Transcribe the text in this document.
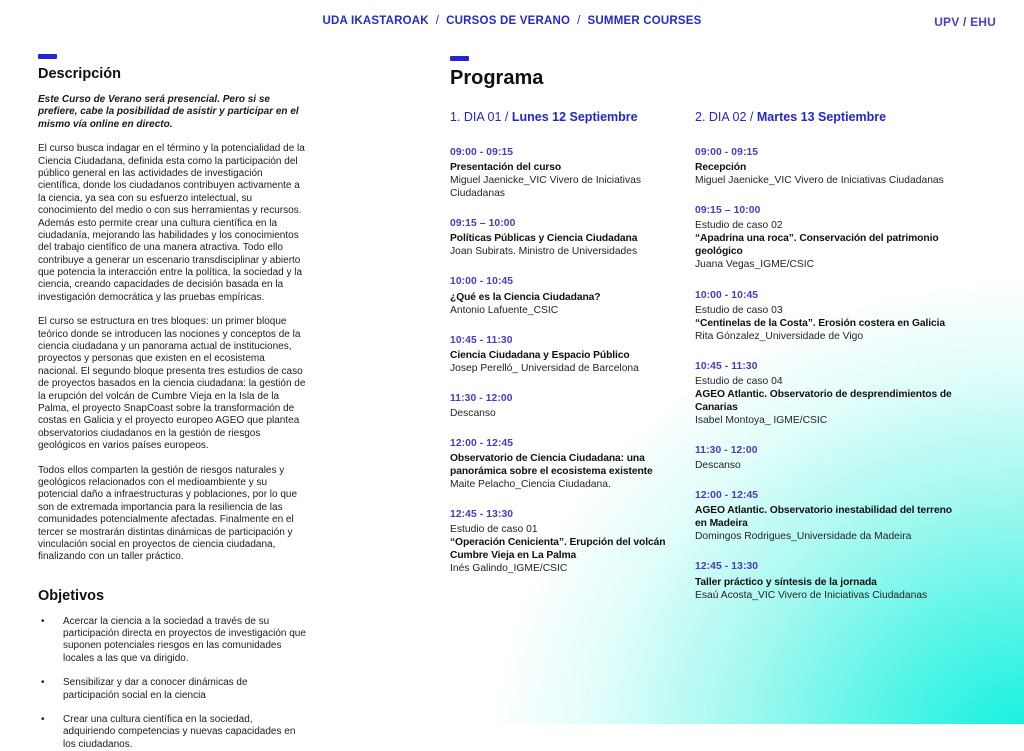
UDA IKASTAROAK / CURSOS DE VERANO / SUMMER COURSES	UPV / EHU
Descripción

Este Curso de Verano será presencial. Pero si se prefiere, cabe la posibilidad de asistir y participar en el mismo vía online en directo.

El curso busca indagar en el término y la potencialidad de la Ciencia Ciudadana, definida esta como la participación del público general en las actividades de investigación científica, donde los ciudadanos contribuyen activamente a la ciencia, ya sea con su esfuerzo intelectual, su conocimiento del medio o con sus herramientas y recursos. Además esto permite crear una cultura científica en la ciudadanía, mejorando las habilidades y los conocimientos del trabajo científico de una manera atractiva. Todo ello contribuye a generar un escenario transdisciplinar y abierto que potencia la interacción entre la política, la sociedad y la ciencia, creando capacidades de decisión basada en la investigación democrática y las pruebas empíricas.

El curso se estructura en tres bloques: un primer bloque teórico donde se introducen las nociones y conceptos de la ciencia ciudadana y un panorama actual de instituciones, proyectos y personas que existen en el ecosistema nacional. El segundo bloque presenta tres estudios de caso de proyectos basados en la ciencia ciudadana: la gestión de la erupción del volcán de Cumbre Vieja en la Isla de la Palma, el proyecto SnapCoast sobre la transformación de costas en Galicia y el proyecto europeo AGEO que plantea observatorios ciudadanos en la gestión de riesgos geológicos en varios países europeos.

Todos ellos comparten la gestión de riesgos naturales y geológicos relacionados con el medioambiente y su potencial daño a infraestructuras y poblaciones, por lo que son de extremada importancia para la resiliencia de las comunidades potencialmente afectadas. Finalmente en el tercer se mostrarán distintas dinámicas de participación y vinculación social en proyectos de ciencia ciudadana, finalizando con un taller práctico.

Objetivos
• Acercar la ciencia a la sociedad a través de su participación directa en proyectos de investigación que suponen potenciales riesgos en las comunidades locales a las que va dirigido.
• Sensibilizar y dar a conocer dinámicas de participación social en la ciencia
• Crear una cultura científica en la sociedad, adquiriendo competencias y nuevas capacidades en los ciudadanos.
Programa
1. DIA 01 / Lunes 12 Septiembre
09:00 - 09:15
Presentación del curso
Miguel Jaenicke_VIC Vivero de Iniciativas Ciudadanas
09:15 – 10:00
Políticas Públicas y Ciencia Ciudadana
Joan Subirats. Ministro de Universidades
10:00 - 10:45
¿Qué es la Ciencia Ciudadana?
Antonio Lafuente_CSIC
10:45 - 11:30
Ciencia Ciudadana y Espacio Público
Josep Perelló_ Universidad de Barcelona
11:30 - 12:00
Descanso
12:00 - 12:45
Observatorio de Ciencia Ciudadana: una panorámica sobre el ecosistema existente
Maite Pelacho_Ciencia Ciudadana.
12:45 - 13:30
Estudio de caso 01
“Operación Cenicienta”. Erupción del volcán Cumbre Vieja en La Palma
Inés Galindo_IGME/CSIC
2. DIA 02 / Martes 13 Septiembre
09:00 - 09:15
Recepción
Miguel Jaenicke_VIC Vivero de Iniciativas Ciudadanas
09:15 – 10:00
Estudio de caso 02
“Apadrina una roca”. Conservación del patrimonio geológico
Juana Vegas_IGME/CSIC
10:00 - 10:45
Estudio de caso 03
“Centinelas de la Costa”. Erosión costera en Galicia
Rita Gónzalez_Universidade de Vigo
10:45 - 11:30
Estudio de caso 04
AGEO Atlantic. Observatorio de desprendimientos de Canarias
Isabel Montoya_ IGME/CSIC
11:30 - 12:00
Descanso
12:00 - 12:45
AGEO Atlantic. Observatorio inestabilidad del terreno en Madeira
Domingos Rodrigues_Universidade da Madeira
12:45 - 13:30
Taller práctico y síntesis de la jornada
Esaú Acosta_VIC Vivero de Iniciativas Ciudadanas
